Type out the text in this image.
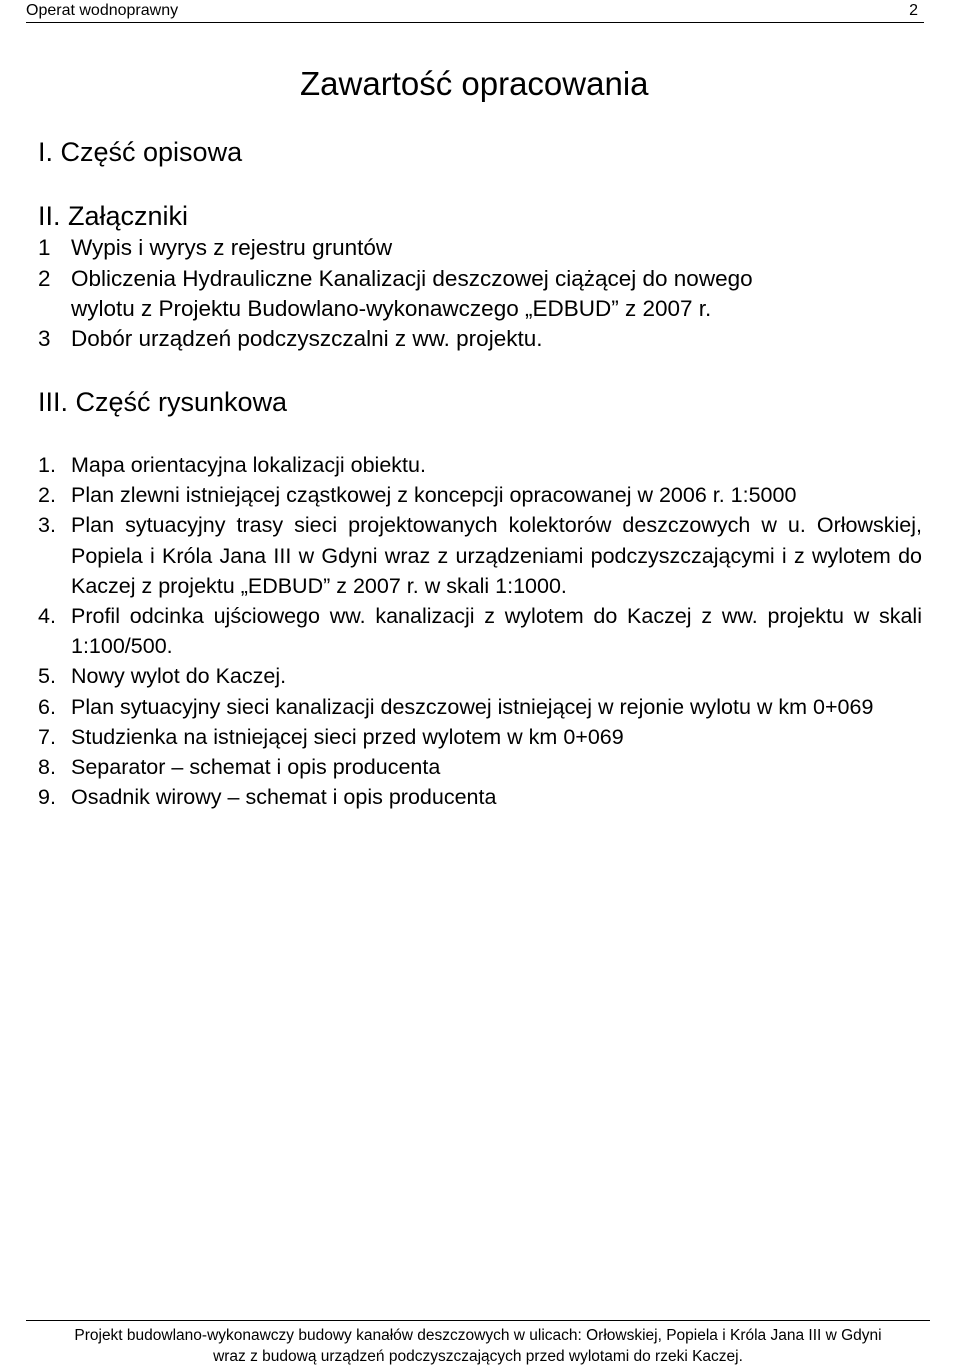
Operat wodnoprawny	2
Zawartość opracowania
I. Część opisowa
II. Załączniki
1 Wypis i wyrys z rejestru gruntów
2 Obliczenia Hydrauliczne Kanalizacji deszczowej ciążącej do nowego
wylotu z Projektu Budowlano-wykonawczego „EDBUD” z 2007 r.
3 Dobór urządzeń podczyszczalni z ww. projektu.
III. Część rysunkowa
1. Mapa orientacyjna lokalizacji obiektu.
2. Plan zlewni istniejącej cząstkowej z koncepcji opracowanej w 2006 r. 1:5000
3. Plan sytuacyjny trasy sieci projektowanych kolektorów deszczowych w u. Orłowskiej, Popiela i Króla Jana III w Gdyni wraz z urządzeniami podczyszczającymi i z wylotem do Kaczej z projektu „EDBUD” z 2007 r. w skali 1:1000.
4. Profil odcinka ujściowego ww. kanalizacji z wylotem do Kaczej z ww. projektu w skali 1:100/500.
5. Nowy wylot do Kaczej.
6. Plan sytuacyjny sieci kanalizacji deszczowej istniejącej w rejonie wylotu w km 0+069
7. Studzienka na istniejącej sieci przed wylotem w km 0+069
8. Separator – schemat i opis producenta
9. Osadnik wirowy – schemat i opis producenta
Projekt budowlano-wykonawczy budowy kanałów deszczowych w ulicach: Orłowskiej, Popiela i Króla Jana III w Gdyni
wraz z budową urządzeń podczyszczających przed wylotami do rzeki Kaczej.
